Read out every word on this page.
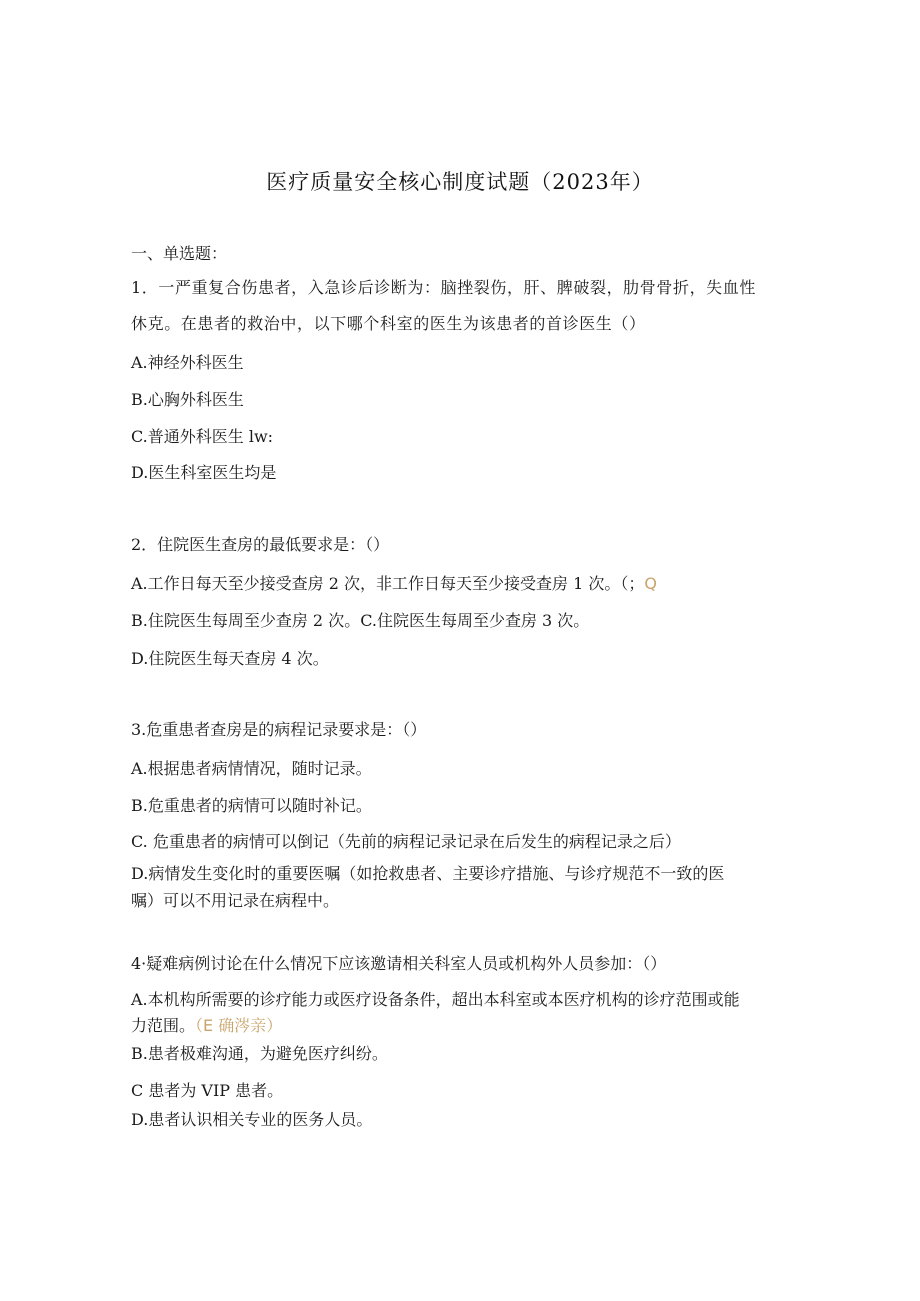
医疗质量安全核心制度试题（2023年）
一、单选题：
1．一严重复合伤患者，入急诊后诊断为：脑挫裂伤，肝、脾破裂，肋骨骨折，失血性
休克。在患者的救治中，以下哪个科室的医生为该患者的首诊医生（）
A.神经外科医生
B.心胸外科医生
C.普通外科医生 lw:
D.医生科室医生均是
2．住院医生查房的最低要求是：（）
A.工作日每天至少接受查房 2 次，非工作日每天至少接受查房 1 次。（；Q
B.住院医生每周至少查房 2 次。C.住院医生每周至少查房 3 次。
D.住院医生每天查房 4 次。
3.危重患者查房是的病程记录要求是：（）
A.根据患者病情情况，随时记录。
B.危重患者的病情可以随时补记。
C. 危重患者的病情可以倒记（先前的病程记录记录在后发生的病程记录之后）
D.病情发生变化时的重要医嘱（如抢救患者、主要诊疗措施、与诊疗规范不一致的医
嘱）可以不用记录在病程中。
4·疑难病例讨论在什么情况下应该邀请相关科室人员或机构外人员参加：（）
A.本机构所需要的诊疗能力或医疗设备条件，超出本科室或本医疗机构的诊疗范围或能
力范围。（E 确涔亲）
B.患者极难沟通，为避免医疗纠纷。
C 患者为 VIP 患者。
D.患者认识相关专业的医务人员。
